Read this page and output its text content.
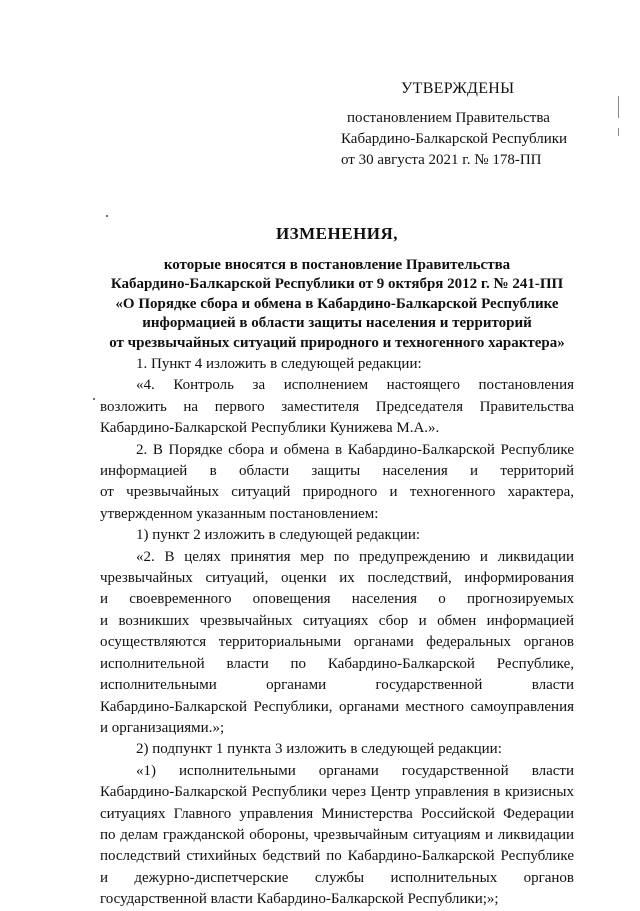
УТВЕРЖДЕНЫ
постановлением Правительства
Кабардино-Балкарской Республики
от 30 августа 2021 г. № 178-ПП
ИЗМЕНЕНИЯ,
которые вносятся в постановление Правительства
Кабардино-Балкарской Республики от 9 октября 2012 г. № 241-ПП
«О Порядке сбора и обмена в Кабардино-Балкарской Республике
информацией в области защиты населения и территорий
от чрезвычайных ситуаций природного и техногенного характера»
1. Пункт 4 изложить в следующей редакции:
«4. Контроль за исполнением настоящего постановления
возложить на первого заместителя Председателя Правительства
Кабардино-Балкарской Республики Кунижева М.А.».
2. В Порядке сбора и обмена в Кабардино-Балкарской Республике
информацией в области защиты населения и территорий
от чрезвычайных ситуаций природного и техногенного характера,
утвержденном указанным постановлением:
1) пункт 2 изложить в следующей редакции:
«2. В целях принятия мер по предупреждению и ликвидации
чрезвычайных ситуаций, оценки их последствий, информирования
и своевременного оповещения населения о прогнозируемых
и возникших чрезвычайных ситуациях сбор и обмен информацией
осуществляются территориальными органами федеральных органов
исполнительной власти по Кабардино-Балкарской Республике,
исполнительными органами государственной власти
Кабардино-Балкарской Республики, органами местного самоуправления
и организациями.»;
2) подпункт 1 пункта 3 изложить в следующей редакции:
«1) исполнительными органами государственной власти
Кабардино-Балкарской Республики через Центр управления в кризисных
ситуациях Главного управления Министерства Российской Федерации
по делам гражданской обороны, чрезвычайным ситуациям и ликвидации
последствий стихийных бедствий по Кабардино-Балкарской Республике
и дежурно-диспетчерские службы исполнительных органов
государственной власти Кабардино-Балкарской Республики;»;
